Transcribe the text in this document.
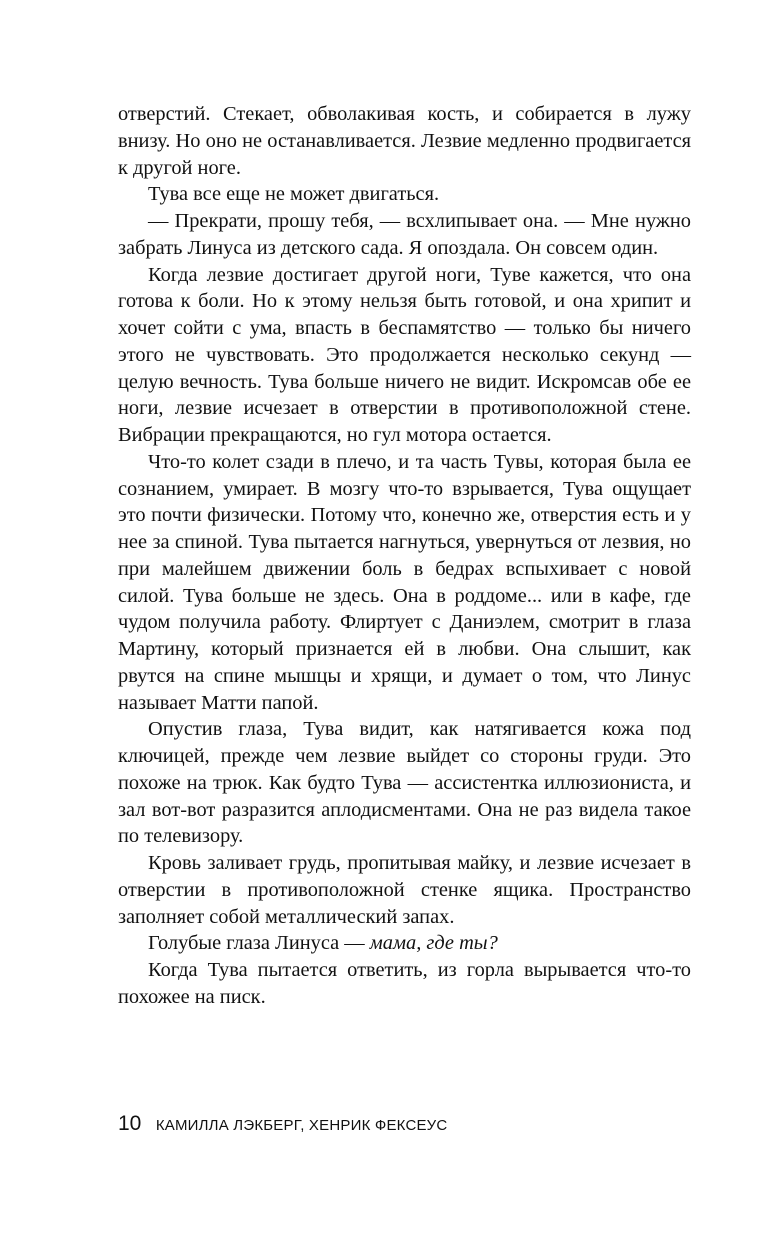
отверстий. Стекает, обволакивая кость, и собирается в лужу внизу. Но оно не останавливается. Лезвие медленно продвигается к другой ноге.

Тува все еще не может двигаться.

— Прекрати, прошу тебя, — всхлипывает она. — Мне нужно забрать Линуса из детского сада. Я опоздала. Он совсем один.

Когда лезвие достигает другой ноги, Туве кажется, что она готова к боли. Но к этому нельзя быть готовой, и она хрипит и хочет сойти с ума, впасть в беспамятство — только бы ничего этого не чувствовать. Это продолжается несколько секунд — целую вечность. Тува больше ничего не видит. Искромсав обе ее ноги, лезвие исчезает в отверстии в противоположной стене. Вибрации прекращаются, но гул мотора остается.

Что-то колет сзади в плечо, и та часть Тувы, которая была ее сознанием, умирает. В мозгу что-то взрывается, Тува ощущает это почти физически. Потому что, конечно же, отверстия есть и у нее за спиной. Тува пытается нагнуться, увернуться от лезвия, но при малейшем движении боль в бедрах вспыхивает с новой силой. Тува больше не здесь. Она в роддоме... или в кафе, где чудом получила работу. Флиртует с Даниэлем, смотрит в глаза Мартину, который признается ей в любви. Она слышит, как рвутся на спине мышцы и хрящи, и думает о том, что Линус называет Матти папой.

Опустив глаза, Тува видит, как натягивается кожа под ключицей, прежде чем лезвие выйдет со стороны груди. Это похоже на трюк. Как будто Тува — ассистентка иллюзиониста, и зал вот-вот разразится аплодисментами. Она не раз видела такое по телевизору.

Кровь заливает грудь, пропитывая майку, и лезвие исчезает в отверстии в противоположной стенке ящика. Пространство заполняет собой металлический запах.

Голубые глаза Линуса — мама, где ты?

Когда Тува пытается ответить, из горла вырывается что-то похожее на писк.

10 КАМИЛЛА ЛЭКБЕРГ, ХЕНРИК ФЕКСЕУС
